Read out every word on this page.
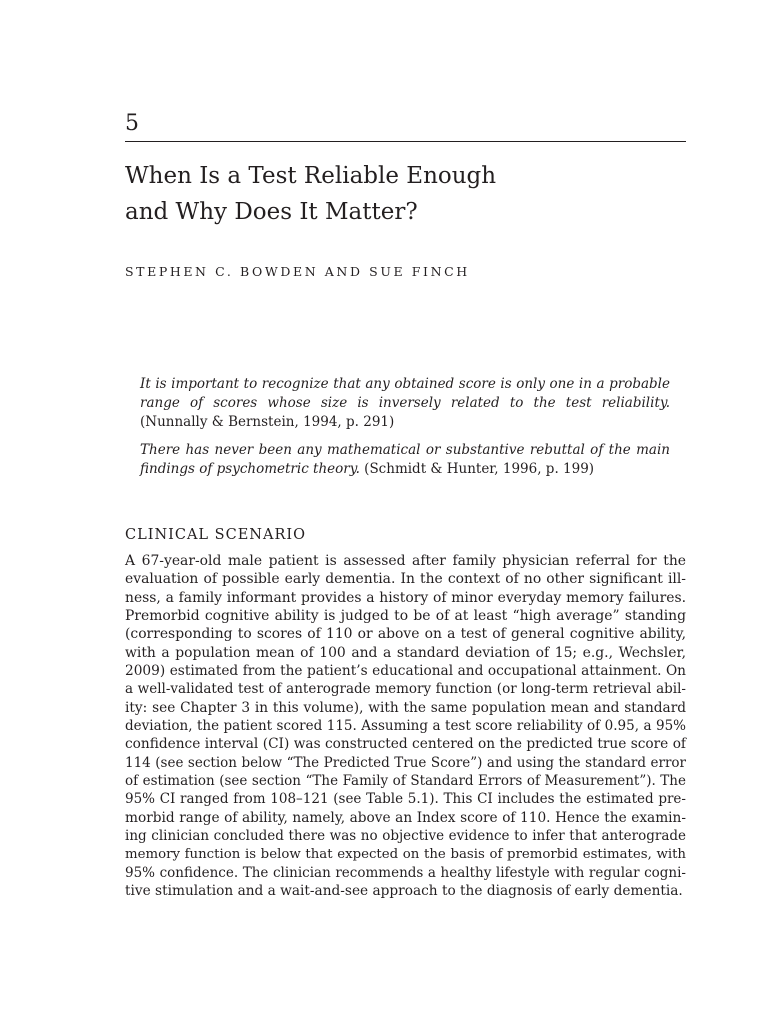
5
When Is a Test Reliable Enough
and Why Does It Matter?
STEPHEN C. BOWDEN AND SUE FINCH

It is important to recognize that any obtained score is only one in a probable range of scores whose size is inversely related to the test reliability. (Nunnally & Bernstein, 1994, p. 291)

There has never been any mathematical or substantive rebuttal of the main findings of psychometric theory. (Schmidt & Hunter, 1996, p. 199)

CLINICAL SCENARIO
A 67-year-old male patient is assessed after family physician referral for the
evaluation of possible early dementia. In the context of no other significant ill-
ness, a family informant provides a history of minor everyday memory failures.
Premorbid cognitive ability is judged to be of at least “high average” standing
(corresponding to scores of 110 or above on a test of general cognitive ability,
with a population mean of 100 and a standard deviation of 15; e.g., Wechsler,
2009) estimated from the patient’s educational and occupational attainment. On
a well-validated test of anterograde memory function (or long-term retrieval abil-
ity: see Chapter 3 in this volume), with the same population mean and standard
deviation, the patient scored 115. Assuming a test score reliability of 0.95, a 95%
confidence interval (CI) was constructed centered on the predicted true score of
114 (see section below “The Predicted True Score”) and using the standard error
of estimation (see section “The Family of Standard Errors of Measurement”). The
95% CI ranged from 108–121 (see Table 5.1). This CI includes the estimated pre-
morbid range of ability, namely, above an Index score of 110. Hence the examin-
ing clinician concluded there was no objective evidence to infer that anterograde
memory function is below that expected on the basis of premorbid estimates, with
95% confidence. The clinician recommends a healthy lifestyle with regular cogni-
tive stimulation and a wait-and-see approach to the diagnosis of early dementia.
